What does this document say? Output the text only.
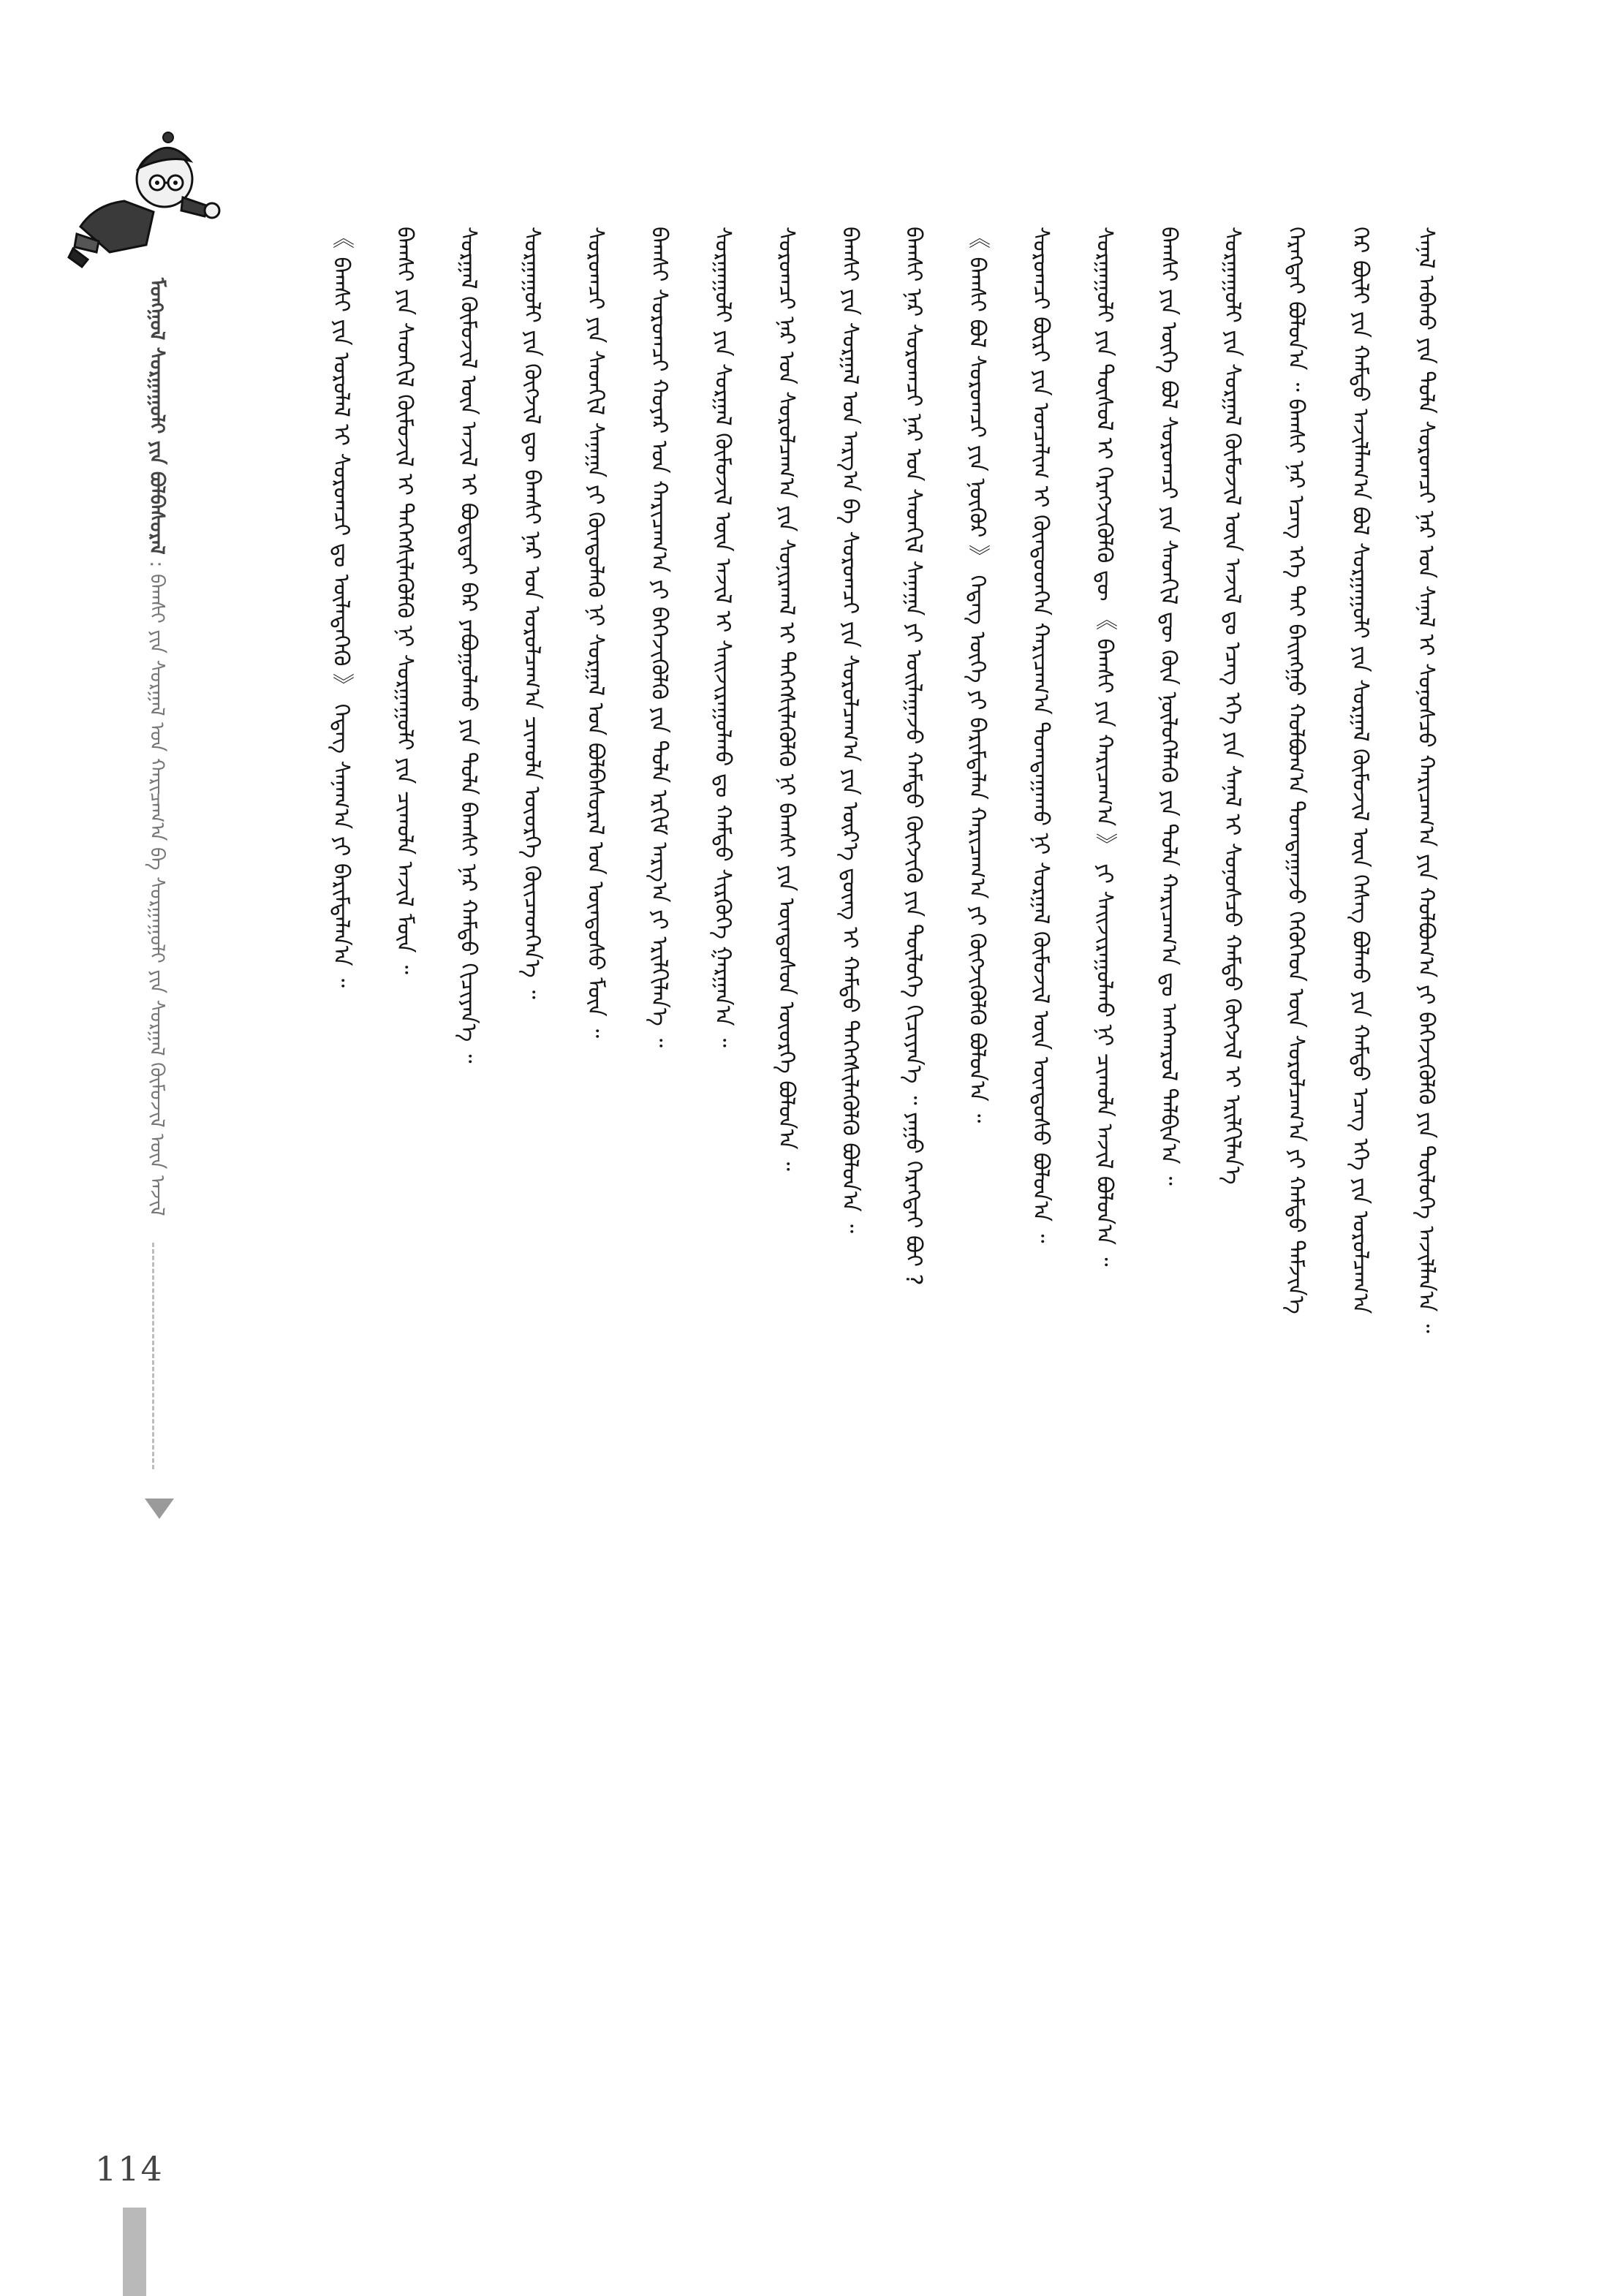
ᠮᠣᠩᠭᠣᠯ ᠰᠤᠷᠭᠠᠭᠤᠯᠢ ᠶᠢᠨ ᠪᠣᠯᠪᠠᠰᠤᠷᠠᠯ : ᠪᠠᠭᠰᠢ ᠶᠢᠨ ᠰᠤᠷᠭᠠᠯ ᠤᠨ ᠬᠠᠷᠢᠴᠠᠭ᠎ᠠ ᠪᠠ ᠰᠤᠷᠭᠠᠭᠤᠯᠢ ᠶᠢᠨ ᠰᠤᠷᠭᠠᠯ ᠬᠦᠮᠦᠵᠢᠯ ᠦᠨ ᠠᠵᠢᠯ	ᠰᠠᠨᠠᠯ ᠠᠪᠬᠤ ᠶᠢᠨ ᠲᠤᠯᠠ ᠰᠤᠷᠤᠭᠴᠢ ᠨᠠᠷ ᠤᠨ ᠰᠠᠨᠠᠯ ᠢ ᠰᠣᠨᠣᠰᠴᠤ ᠬᠠᠷᠢᠴᠠᠭ᠎ᠠ ᠶᠢᠨ ᠬᠣᠯᠪᠣᠭ᠎ᠠ ᠶᠢ ᠪᠡᠬᠡᠵᠢᠭᠦᠯᠬᠦ ᠶᠢᠨ ᠲᠥᠯᠥᠭᠡ ᠠᠵᠢᠯᠯᠠᠨ᠎ᠠ ᠃
ᠭᠡᠷ ᠪᠦᠯᠢ ᠶᠢᠨ ᠬᠠᠮᠲᠤ ᠠᠵᠢᠯᠯᠠᠭ᠎ᠠ ᠪᠣᠯ ᠰᠤᠷᠭᠠᠭᠤᠯᠢ ᠶᠢᠨ ᠰᠤᠷᠭᠠᠯ ᠬᠦᠮᠦᠵᠢᠯ ᠦᠨ ᠬᠡᠰᠡᠭ ᠪᠣᠯᠬᠤ ᠶᠢᠨ ᠬᠠᠮᠲᠤ ᠡᠴᠡᠭ ᠡᠬᠡ ᠶᠢᠨ ᠣᠷᠤᠯᠴᠠᠭ᠎ᠠ
ᠬᠡᠷᠡᠭᠲᠡᠢ ᠪᠣᠯᠤᠨ᠎ᠠ ᠃ ᠪᠠᠭᠰᠢ ᠨᠠᠷ ᠡᠴᠡᠭ ᠡᠬᠡ ᠲᠡᠢ ᠪᠠᠢᠩᠭᠤ ᠬᠣᠯᠪᠣᠭ᠎ᠠ ᠲᠣᠭᠲᠠᠭᠠᠵᠤ ᠬᠡᠭᠦᠬᠡᠳ ᠦᠨ ᠰᠤᠷᠤᠯᠴᠠᠭ᠎ᠠ ᠶᠢ ᠬᠠᠮᠲᠤ ᠳᠡᠮᠵᠢᠨ᠎ᠡ
ᠰᠤᠷᠭᠠᠭᠤᠯᠢ ᠶᠢᠨ ᠰᠤᠷᠭᠠᠯ ᠬᠦᠮᠦᠵᠢᠯ ᠦᠨ ᠠᠵᠢᠯ ᠳᠤ ᠡᠴᠡᠭ ᠡᠬᠡ ᠶᠢᠨ ᠰᠠᠨᠠᠯ ᠢ ᠰᠣᠨᠣᠰᠴᠤ ᠬᠠᠮᠲᠤ ᠬᠥᠭᠵᠢᠯ ᠢ ᠡᠷᠢᠯᠬᠢᠯᠡᠨ᠎ᠡ
ᠪᠠᠭᠰᠢ ᠶᠢᠨ ᠦᠭᠡ ᠪᠣᠯ ᠰᠤᠷᠤᠭᠴᠢ ᠶᠢᠨ ᠰᠡᠳᠬᠢᠯ ᠳᠦ ᠭᠦᠨ ᠨᠥᠯᠥᠭᠡᠯᠡᠬᠦ ᠶᠢᠨ ᠲᠤᠯᠠ ᠬᠠᠷᠢᠴᠠᠭ᠎ᠠ ᠳᠤ ᠠᠩᠬᠠᠷᠤᠯ ᠲᠠᠯᠪᠢᠨ᠎ᠠ ᠃
ᠰᠤᠷᠭᠠᠭᠤᠯᠢ ᠶᠢᠨ ᠲᠥᠰᠦᠯ ᠢ ᠬᠡᠷᠡᠭᠵᠢᠭᠦᠯᠬᠦ ᠳᠦ 《 ᠪᠠᠭᠰᠢ ᠶᠢᠨ ᠬᠠᠷᠢᠴᠠᠭ᠎ᠠ 》 ᠶᠢ ᠰᠠᠢᠵᠢᠷᠠᠭᠤᠯᠬᠤ ᠨᠢ ᠴᠢᠬᠤᠯᠠ ᠠᠵᠢᠯ ᠪᠣᠯᠤᠨ᠎ᠠ ᠃
ᠰᠤᠷᠤᠭᠴᠢ ᠪᠦᠷᠢ ᠶᠢᠨ ᠣᠨᠴᠠᠯᠢᠭ ᠢ ᠬᠦᠨᠳᠦᠳᠬᠡᠨ ᠬᠠᠷᠢᠴᠠᠭ᠎ᠠ ᠲᠣᠭᠲᠠᠭᠠᠬᠤ ᠨᠢ ᠰᠤᠷᠭᠠᠯ ᠬᠦᠮᠦᠵᠢᠯ ᠦᠨ ᠦᠨᠳᠦᠰᠦ ᠪᠣᠯᠤᠨ᠎ᠠ ᠃
《 ᠪᠠᠭᠰᠢ ᠪᠣᠯ ᠰᠤᠷᠤᠭᠴᠢ ᠶᠢᠨ ᠨᠥᠬᠥᠷ 》 ᠭᠡᠳᠡᠭ ᠦᠭᠡ ᠶᠢ ᠪᠠᠷᠢᠮᠲᠠᠯᠠᠨ ᠬᠠᠷᠢᠴᠠᠭ᠎ᠠ ᠶᠢ ᠬᠥᠭᠵᠢᠭᠦᠯᠬᠦ ᠪᠣᠯᠤᠨ᠎ᠠ ᠃
ᠪᠠᠭᠰᠢ ᠨᠠᠷ ᠰᠤᠷᠤᠭᠴᠢ ᠨᠠᠷ ᠤᠨ ᠰᠡᠳᠬᠢᠯ ᠰᠠᠨᠠᠭᠠ ᠶᠢ ᠣᠢᠯᠠᠭᠠᠵᠤ ᠬᠠᠮᠲᠤ ᠬᠥᠭᠵᠢᠬᠦ ᠶᠢᠨ ᠲᠥᠯᠥᠭᠡ ᠬᠢᠴᠢᠶᠡᠨ᠎ᠡ ᠃ ᠶᠠᠭᠤ ᠬᠡᠷᠡᠭᠲᠡᠢ ᠪᠤᠢ ?
ᠪᠠᠭᠰᠢ ᠶᠢᠨ ᠰᠤᠷᠭᠠᠯ ᠤᠨ ᠠᠷᠭ᠎ᠠ ᠪᠠ ᠰᠤᠷᠤᠭᠴᠢ ᠶᠢᠨ ᠰᠤᠷᠤᠯᠴᠠᠭ᠎ᠠ ᠶᠢᠨ ᠦᠷ᠎ᠡ ᠳ᠋ᠦᠩ ᠢ ᠬᠠᠮᠲᠤ ᠳᠡᠭᠡᠭᠰᠢᠯᠡᠭᠦᠯᠬᠦ ᠪᠣᠯᠤᠨ᠎ᠠ ᠃
ᠰᠤᠷᠤᠭᠴᠢ ᠨᠠᠷ ᠤᠨ ᠰᠤᠷᠤᠯᠴᠠᠭ᠎ᠠ ᠶᠢᠨ ᠰᠣᠨᠢᠷᠬᠠᠯ ᠢ ᠳᠡᠭᠡᠭᠰᠢᠯᠡᠭᠦᠯᠬᠦ ᠨᠢ ᠪᠠᠭᠰᠢ ᠶᠢᠨ ᠦᠨᠳᠦᠰᠦᠨ ᠦᠦᠷᠭᠡ ᠪᠣᠯᠤᠨ᠎ᠠ ᠃
ᠰᠤᠷᠭᠠᠭᠤᠯᠢ ᠶᠢᠨ ᠰᠤᠷᠭᠠᠯ ᠬᠦᠮᠦᠵᠢᠯ ᠦᠨ ᠠᠵᠢᠯ ᠢ ᠰᠠᠢᠵᠢᠷᠠᠭᠤᠯᠬᠤ ᠳᠤ ᠬᠠᠮᠲᠤ ᠰᠢᠷᠭᠦᠭᠡ ᠭᠠᠷᠭᠠᠨ᠎ᠠ ᠃
ᠪᠠᠭᠰᠢ ᠰᠤᠷᠤᠭᠴᠢ ᠬᠣᠶᠠᠷ ᠤᠨ ᠬᠠᠷᠢᠴᠠᠭ᠎ᠠ ᠶᠢ ᠪᠡᠬᠡᠵᠢᠭᠦᠯᠬᠦ ᠶᠢᠨ ᠲᠤᠯᠠ ᠡᠷᠬᠢᠮ ᠠᠷᠭ᠎ᠠ ᠶᠢ ᠡᠷᠢᠯᠬᠢᠯᠡᠨ᠎ᠡ ᠃
ᠰᠤᠷᠤᠭᠴᠢ ᠶᠢᠨ ᠰᠡᠳᠬᠢᠯ ᠰᠠᠨᠠᠭᠠ ᠶᠢ ᠬᠦᠨᠳᠦᠯᠡᠬᠦ ᠨᠢ ᠰᠤᠷᠭᠠᠯ ᠤᠨ ᠪᠣᠯᠪᠠᠰᠤᠷᠠᠯ ᠤᠨ ᠦᠨᠳᠦᠰᠦ ᠮᠥᠨ ᠃
ᠰᠤᠷᠭᠠᠭᠤᠯᠢ ᠶᠢᠨ ᠬᠥᠭᠵᠢᠯ ᠳᠦ ᠪᠠᠭᠰᠢ ᠨᠠᠷ ᠤᠨ ᠣᠷᠤᠯᠴᠠᠭ᠎ᠠ ᠴᠢᠬᠤᠯᠠ ᠦᠦᠷᠭᠡ ᠭᠦᠢᠴᠡᠳᠬᠡᠨ᠎ᠡ ᠃
ᠰᠤᠷᠭᠠᠯ ᠬᠦᠮᠦᠵᠢᠯ ᠦᠨ ᠠᠵᠢᠯ ᠢ ᠪᠣᠳᠢᠲᠠᠢ ᠪᠡᠷ ᠶᠠᠪᠤᠭᠤᠯᠬᠤ ᠶᠢᠨ ᠲᠤᠯᠠ ᠪᠠᠭᠰᠢ ᠨᠠᠷ ᠬᠠᠮᠲᠤ ᠬᠢᠴᠢᠶᠡᠨ᠎ᠡ ᠃
ᠪᠠᠭᠰᠢ ᠶᠢᠨ ᠰᠡᠳᠬᠢᠯ ᠬᠦᠮᠦᠵᠢᠯ ᠢ ᠳᠡᠭᠡᠭᠰᠢᠯᠡᠭᠦᠯᠬᠦ ᠨᠢ ᠰᠤᠷᠭᠠᠭᠤᠯᠢ ᠶᠢᠨ ᠴᠢᠬᠤᠯᠠ ᠠᠵᠢᠯ ᠮᠥᠨ ᠃
《 ᠪᠠᠭᠰᠢ ᠶᠢᠨ ᠤᠷᠤᠯᠠᠯ ᠢ ᠰᠤᠷᠤᠭᠴᠢ ᠳᠤ ᠦᠯᠡᠳᠡᠭᠡᠬᠦ 》 ᠭᠡᠳᠡᠭ ᠰᠠᠨᠠᠭ᠎ᠠ ᠶᠢ ᠪᠠᠷᠢᠮᠲᠠᠯᠠᠨ᠎ᠠ ᠃
114
